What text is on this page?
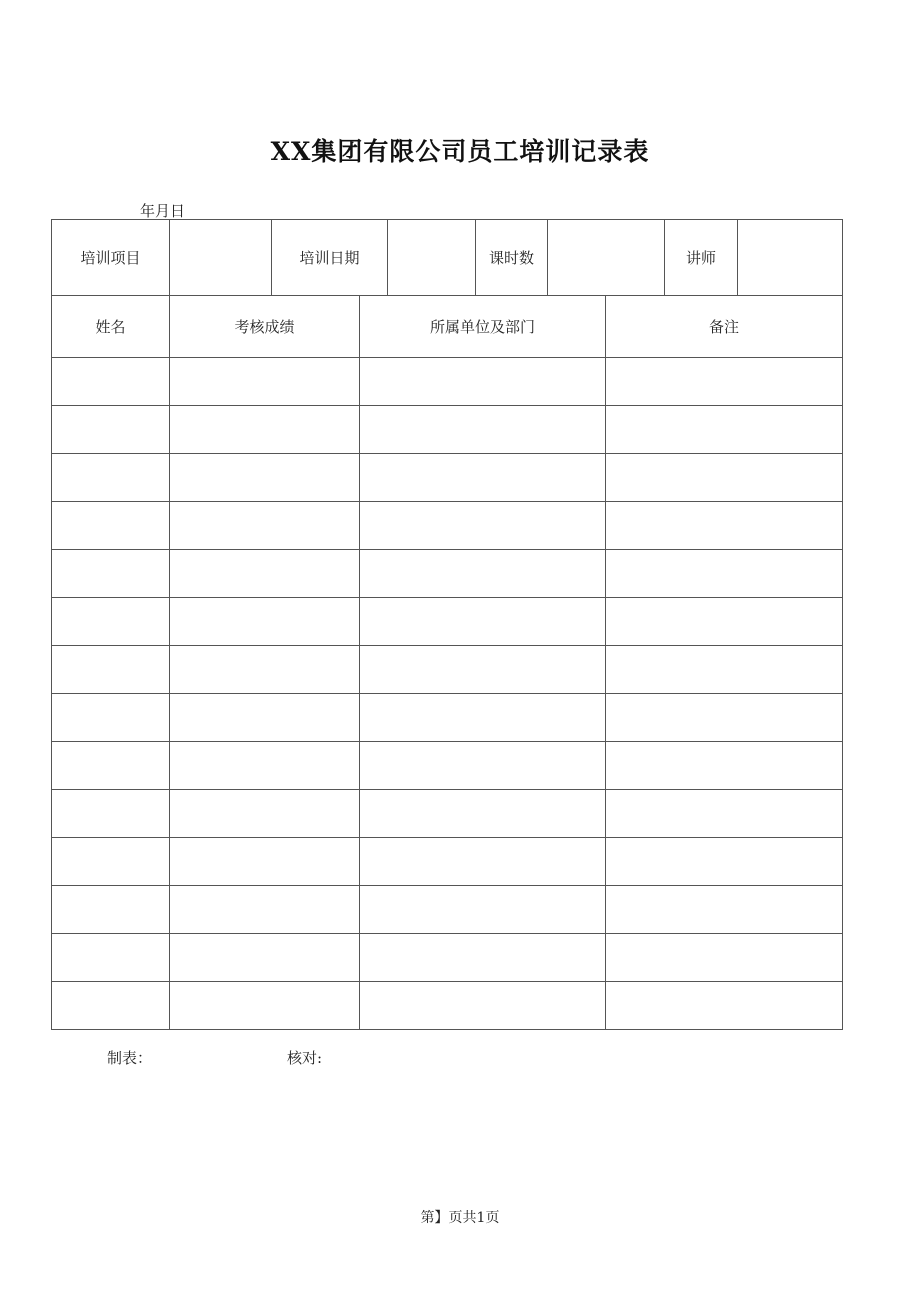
XX集团有限公司员工培训记录表
年月日
培训项目		培训日期		课时数		讲师	
姓名	考核成绩	所属单位及部门	备注

制表：	核对:
第】页共1页
